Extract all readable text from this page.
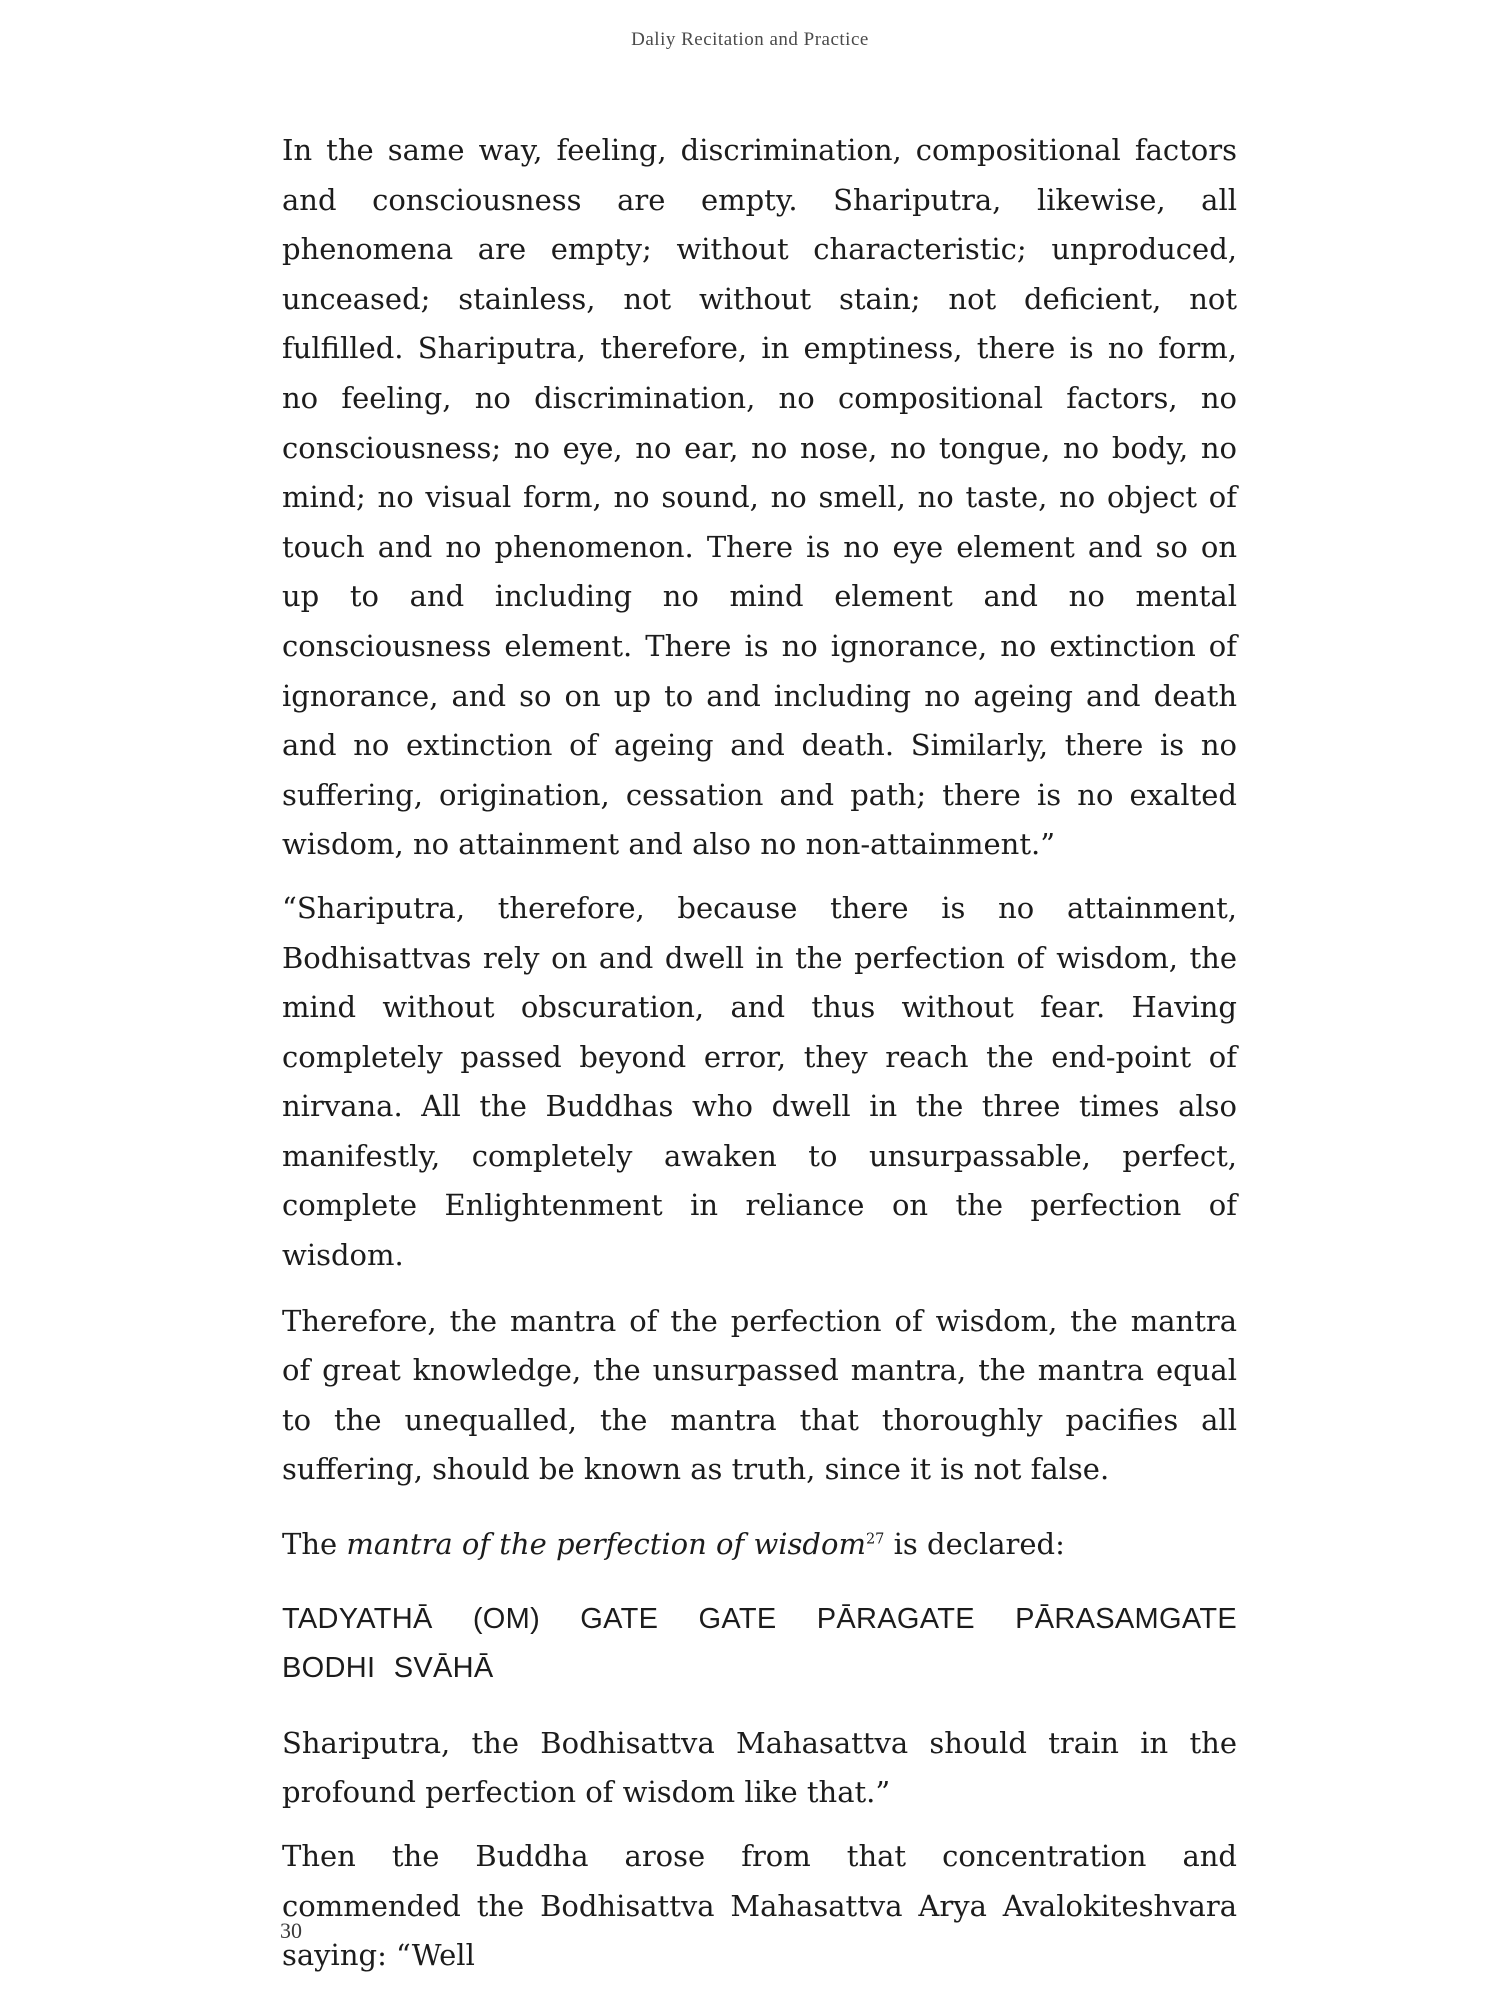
Daliy Recitation and Practice

In the same way, feeling, discrimination, compositional factors and consciousness are empty. Shariputra, likewise, all phenomena are empty; without characteristic; unproduced, unceased; stainless, not without stain; not deficient, not fulfilled. Shariputra, therefore, in emptiness, there is no form, no feeling, no discrimination, no compositional factors, no consciousness; no eye, no ear, no nose, no tongue, no body, no mind; no visual form, no sound, no smell, no taste, no object of touch and no phenomenon. There is no eye element and so on up to and including no mind element and no mental consciousness element. There is no ignorance, no extinction of ignorance, and so on up to and including no ageing and death and no extinction of ageing and death. Similarly, there is no suffering, origination, cessation and path; there is no exalted wisdom, no attainment and also no non-attainment.”

“Shariputra, therefore, because there is no attainment, Bodhisattvas rely on and dwell in the perfection of wisdom, the mind without obscuration, and thus without fear. Having completely passed beyond error, they reach the end-point of nirvana. All the Buddhas who dwell in the three times also manifestly, completely awaken to unsurpassable, perfect, complete Enlightenment in reliance on the perfection of wisdom.

Therefore, the mantra of the perfection of wisdom, the mantra of great knowledge, the unsurpassed mantra, the mantra equal to the unequalled, the mantra that thoroughly pacifies all suffering, should be known as truth, since it is not false.

The mantra of the perfection of wisdom$^{27}$ is declared:

TADYATHĀ (OM) GATE GATE PĀRAGATE PĀRASAMGATE BODHI SVĀHĀ

Shariputra, the Bodhisattva Mahasattva should train in the profound perfection of wisdom like that.”

Then the Buddha arose from that concentration and commended the Bodhisattva Mahasattva Arya Avalokiteshvara saying: “Well

30
